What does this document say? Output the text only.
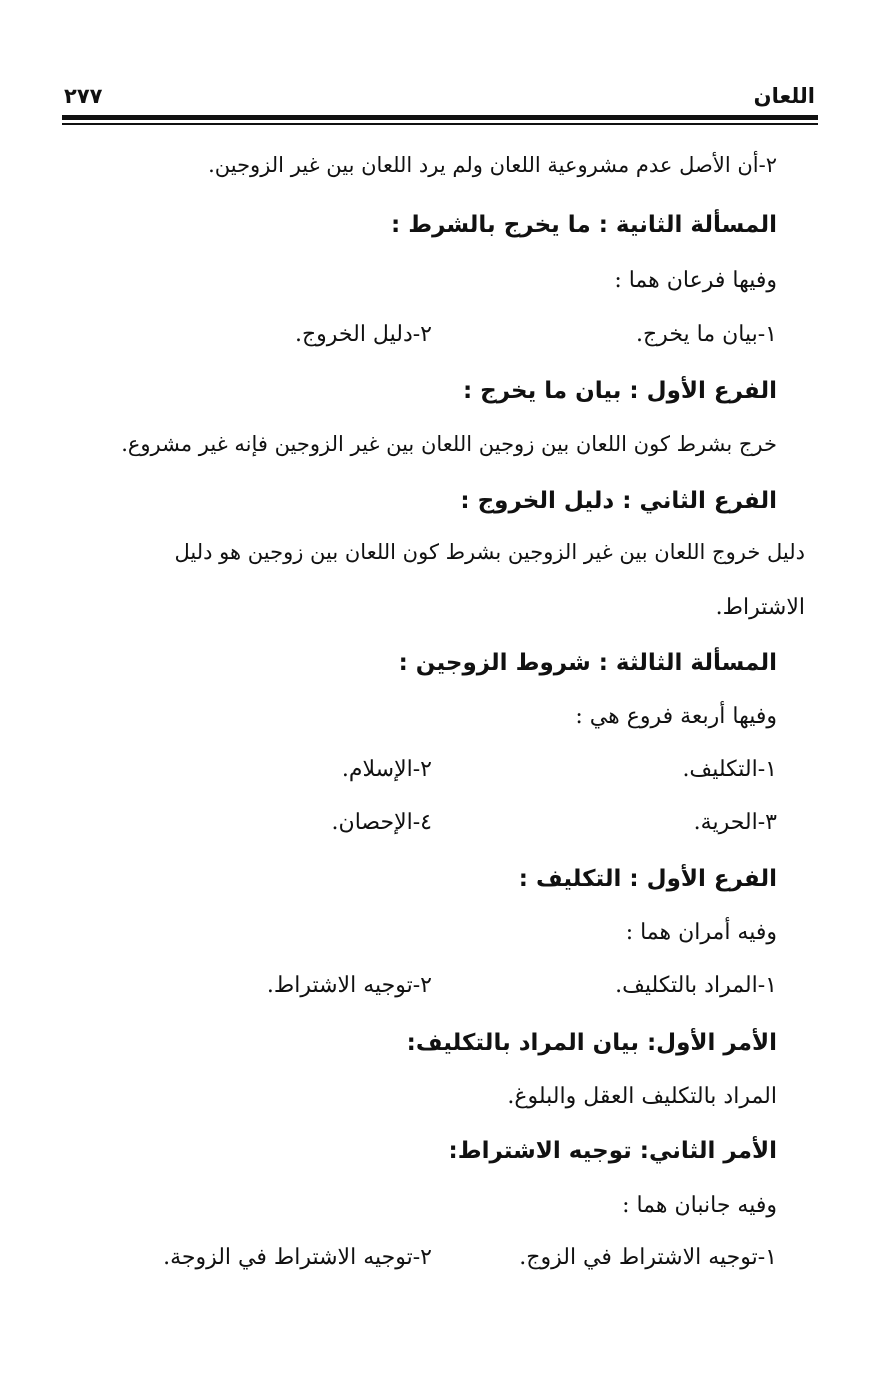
اللعان
٢٧٧
٢-أن الأصل عدم مشروعية اللعان ولم يرد اللعان بين غير الزوجين.
المسألة الثانية : ما يخرج بالشرط :
وفيها فرعان هما :
١-بيان ما يخرج.
٢-دليل الخروج.
الفرع الأول : بيان ما يخرج :
خرج بشرط كون اللعان بين زوجين اللعان بين غير الزوجين فإنه غير مشروع.
الفرع الثاني : دليل الخروج :
دليل خروج اللعان بين غير الزوجين بشرط كون اللعان بين زوجين هو دليل
الاشتراط.
المسألة الثالثة : شروط الزوجين :
وفيها أربعة فروع هي :
١-التكليف.
٢-الإسلام.
٣-الحرية.
٤-الإحصان.
الفرع الأول : التكليف :
وفيه أمران هما :
١-المراد بالتكليف.
٢-توجيه الاشتراط.
الأمر الأول: بيان المراد بالتكليف:
المراد بالتكليف العقل والبلوغ.
الأمر الثاني: توجيه الاشتراط:
وفيه جانبان هما :
١-توجيه الاشتراط في الزوج.
٢-توجيه الاشتراط في الزوجة.
